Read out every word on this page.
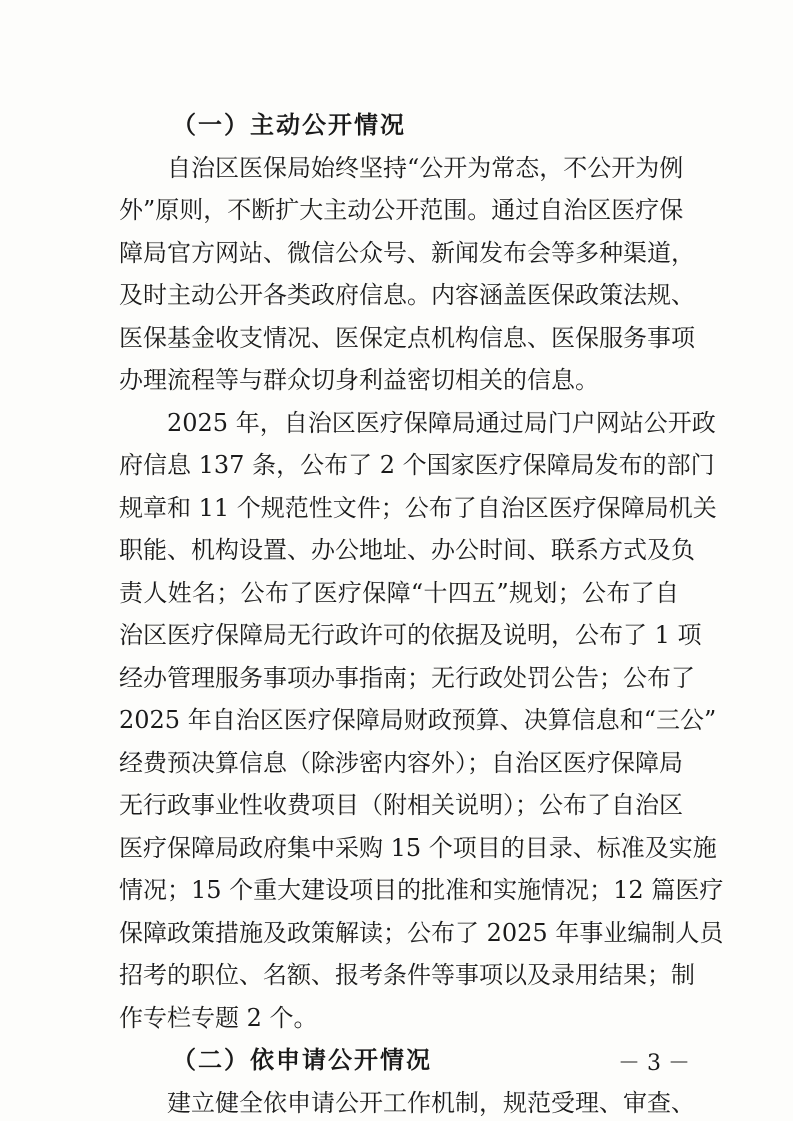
（一）主动公开情况
自治区医保局始终坚持“公开为常态，不公开为例
外”原则，不断扩大主动公开范围。通过自治区医疗保
障局官方网站、微信公众号、新闻发布会等多种渠道，
及时主动公开各类政府信息。内容涵盖医保政策法规、
医保基金收支情况、医保定点机构信息、医保服务事项
办理流程等与群众切身利益密切相关的信息。
2025 年，自治区医疗保障局通过局门户网站公开政
府信息 137 条，公布了 2 个国家医疗保障局发布的部门
规章和 11 个规范性文件；公布了自治区医疗保障局机关
职能、机构设置、办公地址、办公时间、联系方式及负
责人姓名；公布了医疗保障“十四五”规划；公布了自
治区医疗保障局无行政许可的依据及说明，公布了 1 项
经办管理服务事项办事指南；无行政处罚公告；公布了
2025 年自治区医疗保障局财政预算、决算信息和“三公”
经费预决算信息（除涉密内容外）；自治区医疗保障局
无行政事业性收费项目（附相关说明）；公布了自治区
医疗保障局政府集中采购 15 个项目的目录、标准及实施
情况；15 个重大建设项目的批准和实施情况；12 篇医疗
保障政策措施及政策解读；公布了 2025 年事业编制人员
招考的职位、名额、报考条件等事项以及录用结果；制
作专栏专题 2 个。
（二）依申请公开情况
建立健全依申请公开工作机制，规范受理、审查、
－ 3 －
